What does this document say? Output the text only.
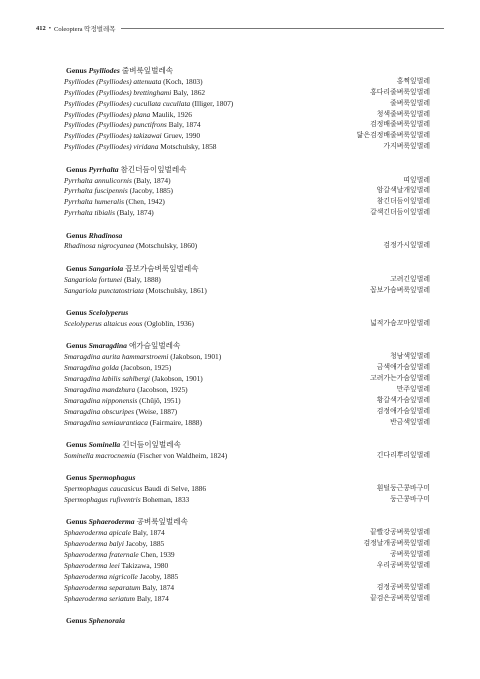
412 • Coleoptera 딱정벌레목
Genus Psylliodes 줄벼룩잎벌레속
Psylliodes (Psylliodes) attenuata (Koch, 1803)	홍쩍잎벌레
Psylliodes (Psylliodes) brettinghami Baly, 1862	홍다리줄벼룩잎벌레
Psylliodes (Psylliodes) cucullata cucullata (Illiger, 1807)	줄벼룩잎벌레
Psylliodes (Psylliodes) plana Maulik, 1926	청색줄벼룩잎벌레
Psylliodes (Psylliodes) punctifrons Baly, 1874	검정배줄벼룩잎벌레
Psylliodes (Psylliodes) takizawai Gruev, 1990	닮은검정배줄벼룩잎벌레
Psylliodes (Psylliodes) viridana Motschulsky, 1858	가지벼룩잎벌레
Genus Pyrrhalta 참긴더듬이잎벌레속
Pyrrhalta annulicornis (Baly, 1874)	띠잎벌레
Pyrrhalta fuscipennis (Jacoby, 1885)	암갈색날개잎벌레
Pyrrhalta humeralis (Chen, 1942)	참긴더듬이잎벌레
Pyrrhalta tibialis (Baly, 1874)	갈색긴더듬이잎벌레
Genus Rhadinosa
Rhadinosa nigrocyanea (Motschulsky, 1860)	검정가시잎벌레
Genus Sangariola 꼽보가슴벼룩잎벌레속
Sangariola fortunei (Baly, 1888)	고려긴잎벌레
Sangariola punctatostriata (Motschulsky, 1861)	꼽보가슴벼룩잎벌레
Genus Scelolyperus
Scelolyperus altaicus eous (Ogloblin, 1936)	넓적가슴꼬마잎벌레
Genus Smaragdina 애가슴잎벌레속
Smaragdina aurita hammarstroemi (Jakobson, 1901)	청남색잎벌레
Smaragdina golda (Jacobson, 1925)	금색애가슴잎벌레
Smaragdina labilis sahlbergi (Jakobson, 1901)	고려가는가슴잎벌레
Smaragdina mandzhura (Jacobson, 1925)	만주잎벌레
Smaragdina nipponensis (Chûjô, 1951)	황갈색가슴잎벌레
Smaragdina obscuripes (Weise, 1887)	검정애가슴잎벌레
Smaragdina semiaurantiaca (Fairmaire, 1888)	반금색잎벌레
Genus Sominella 긴더듬이잎벌레속
Sominella macrocnemia (Fischer von Waldheim, 1824)	긴다리뿌리잎벌레
Genus Spermophagus
Spermophagus caucasicus Baudi di Selve, 1886	흰털둥근콩바구미
Spermophagus rufiventris Boheman, 1833	둥근콩바구미
Genus Sphaeroderma 공벼룩잎벌레속
Sphaeroderma apicale Baly, 1874	끝빨강공벼룩잎벌레
Sphaeroderma balyi Jacoby, 1885	검정날개공벼룩잎벌레
Sphaeroderma fraternale Chen, 1939	공벼룩잎벌레
Sphaeroderma leei Takizawa, 1980	우리공벼룩잎벌레
Sphaeroderma nigricolle Jacoby, 1885
Sphaeroderma separatum Baly, 1874	검정공벼룩잎벌레
Sphaeroderma seriatum Baly, 1874	끝검은공벼룩잎벌레
Genus Sphenoraia
